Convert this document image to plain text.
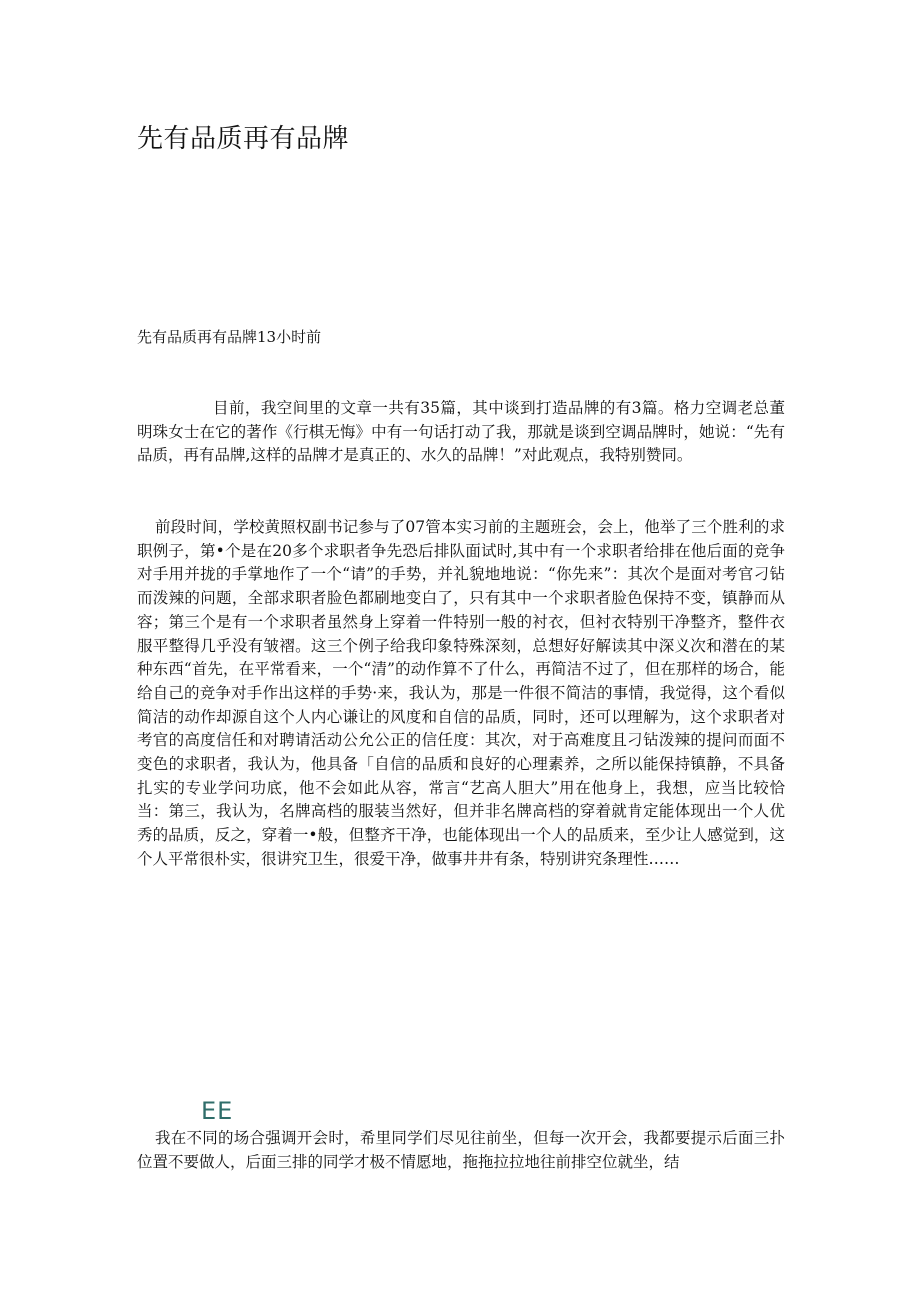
先有品质再有品牌

先有品质再有品牌13小时前

目前，我空间里的文章一共有35篇，其中谈到打造品牌的有3篇。格力空调老总董明珠女士在它的著作《行棋无悔》中有一句话打动了我，那就是谈到空调品牌时，她说：“先有品质，再有品牌,这样的品牌才是真正的、水久的品牌！”对此观点，我特别赞同。

前段时间，学校黄照权副书记参与了07管本实习前的主题班会，会上，他举了三个胜利的求职例子，第•个是在20多个求职者争先恐后排队面试时,其中有一个求职者给排在他后面的竞争对手用并拢的手掌地作了一个“请”的手势，并礼貌地地说：“你先来”：其次个是面对考官刁钻而泼辣的问题，全部求职者脸色都刷地变白了，只有其中一个求职者脸色保持不变，镇静而从容；第三个是有一个求职者虽然身上穿着一件特别一般的衬衣，但衬衣特别干净整齐，整件衣服平整得几乎没有皱褶。这三个例子给我印象特殊深刻，总想好好解读其中深义次和潜在的某种东西“首先，在平常看来，一个“清”的动作算不了什么，再简洁不过了，但在那样的场合，能给自己的竞争对手作出这样的手势·来，我认为，那是一件很不简洁的事情，我觉得，这个看似简洁的动作却源自这个人内心谦让的风度和自信的品质，同时，还可以理解为，这个求职者对考官的高度信任和对聘请活动公允公正的信任度：其次，对于高难度且刁钻泼辣的提问而面不变色的求职者，我认为，他具备「自信的品质和良好的心理素养，之所以能保持镇静，不具备扎实的专业学问功底，他不会如此从容，常言“艺高人胆大”用在他身上，我想，应当比较恰当：第三，我认为，名牌高档的服装当然好，但并非名牌高档的穿着就肯定能体现出一个人优秀的品质，反之，穿着一•般，但整齐干净，也能体现出一个人的品质来，至少让人感觉到，这个人平常很朴实，很讲究卫生，很爱干净，做事井井有条，特别讲究条理性……

EE

我在不同的场合强调开会时，希里同学们尽见往前坐，但每一次开会，我都要提示后面三扑位置不要做人，后面三排的同学才极不情愿地，拖拖拉拉地往前排空位就坐，结
